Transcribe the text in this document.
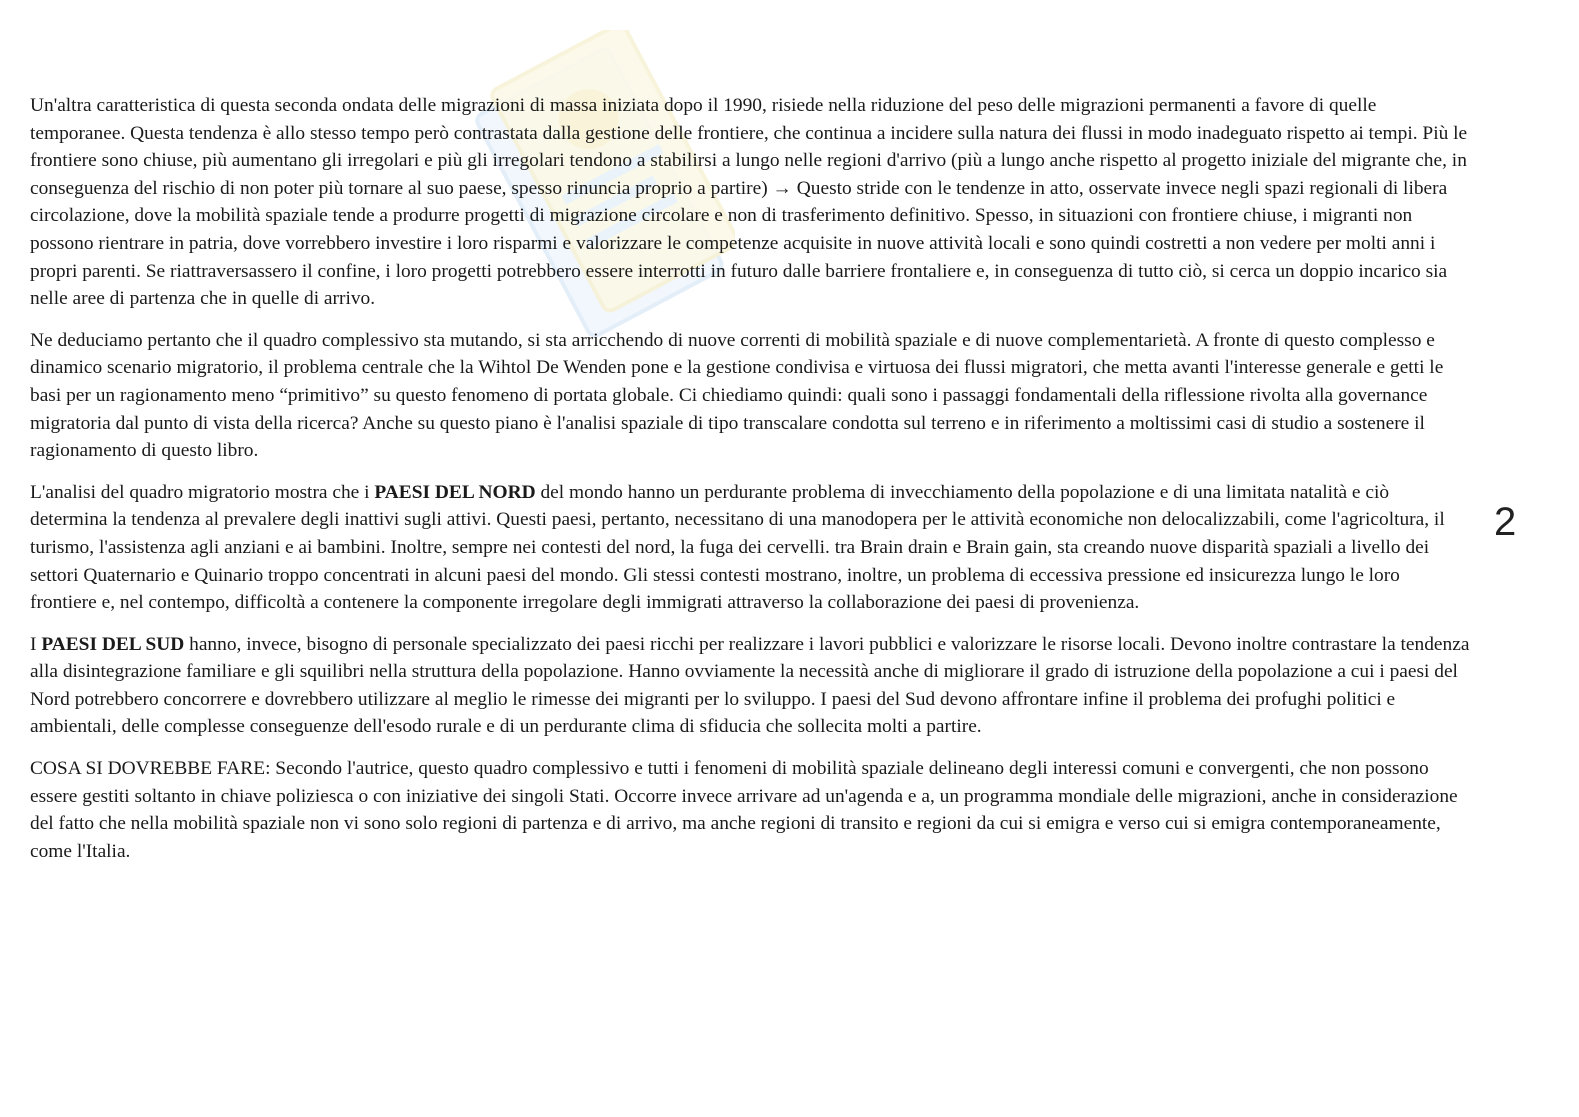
Un'altra caratteristica di questa seconda ondata delle migrazioni di massa iniziata dopo il 1990, risiede nella riduzione del peso delle migrazioni permanenti a favore di quelle temporanee. Questa tendenza è allo stesso tempo però contrastata dalla gestione delle frontiere, che continua a incidere sulla natura dei flussi in modo inadeguato rispetto ai tempi. Più le frontiere sono chiuse, più aumentano gli irregolari e più gli irregolari tendono a stabilirsi a lungo nelle regioni d'arrivo (più a lungo anche rispetto al progetto iniziale del migrante che, in conseguenza del rischio di non poter più tornare al suo paese, spesso rinuncia proprio a partire) → Questo stride con le tendenze in atto, osservate invece negli spazi regionali di libera circolazione, dove la mobilità spaziale tende a produrre progetti di migrazione circolare e non di trasferimento definitivo. Spesso, in situazioni con frontiere chiuse, i migranti non possono rientrare in patria, dove vorrebbero investire i loro risparmi e valorizzare le competenze acquisite in nuove attività locali e sono quindi costretti a non vedere per molti anni i propri parenti. Se riattraversassero il confine, i loro progetti potrebbero essere interrotti in futuro dalle barriere frontaliere e, in conseguenza di tutto ciò, si cerca un doppio incarico sia nelle aree di partenza che in quelle di arrivo.

Ne deduciamo pertanto che il quadro complessivo sta mutando, si sta arricchendo di nuove correnti di mobilità spaziale e di nuove complementarietà. A fronte di questo complesso e dinamico scenario migratorio, il problema centrale che la Wihtol De Wenden pone e la gestione condivisa e virtuosa dei flussi migratori, che metta avanti l'interesse generale e getti le basi per un ragionamento meno “primitivo” su questo fenomeno di portata globale. Ci chiediamo quindi: quali sono i passaggi fondamentali della riflessione rivolta alla governance migratoria dal punto di vista della ricerca? Anche su questo piano è l'analisi spaziale di tipo transcalare condotta sul terreno e in riferimento a moltissimi casi di studio a sostenere il ragionamento di questo libro.

L'analisi del quadro migratorio mostra che i PAESI DEL NORD del mondo hanno un perdurante problema di invecchiamento della popolazione e di una limitata natalità e ciò determina la tendenza al prevalere degli inattivi sugli attivi. Questi paesi, pertanto, necessitano di una manodopera per le attività economiche non delocalizzabili, come l'agricoltura, il turismo, l'assistenza agli anziani e ai bambini. Inoltre, sempre nei contesti del nord, la fuga dei cervelli. tra Brain drain e Brain gain, sta creando nuove disparità spaziali a livello dei settori Quaternario e Quinario troppo concentrati in alcuni paesi del mondo. Gli stessi contesti mostrano, inoltre, un problema di eccessiva pressione ed insicurezza lungo le loro frontiere e, nel contempo, difficoltà a contenere la componente irregolare degli immigrati attraverso la collaborazione dei paesi di provenienza.

I PAESI DEL SUD hanno, invece, bisogno di personale specializzato dei paesi ricchi per realizzare i lavori pubblici e valorizzare le risorse locali. Devono inoltre contrastare la tendenza alla disintegrazione familiare e gli squilibri nella struttura della popolazione. Hanno ovviamente la necessità anche di migliorare il grado di istruzione della popolazione a cui i paesi del Nord potrebbero concorrere e dovrebbero utilizzare al meglio le rimesse dei migranti per lo sviluppo. I paesi del Sud devono affrontare infine il problema dei profughi politici e ambientali, delle complesse conseguenze dell'esodo rurale e di un perdurante clima di sfiducia che sollecita molti a partire.

COSA SI DOVREBBE FARE: Secondo l'autrice, questo quadro complessivo e tutti i fenomeni di mobilità spaziale delineano degli interessi comuni e convergenti, che non possono essere gestiti soltanto in chiave poliziesca o con iniziative dei singoli Stati. Occorre invece arrivare ad un'agenda e a, un programma mondiale delle migrazioni, anche in considerazione del fatto che nella mobilità spaziale non vi sono solo regioni di partenza e di arrivo, ma anche regioni di transito e regioni da cui si emigra e verso cui si emigra contemporaneamente, come l'Italia.

2
